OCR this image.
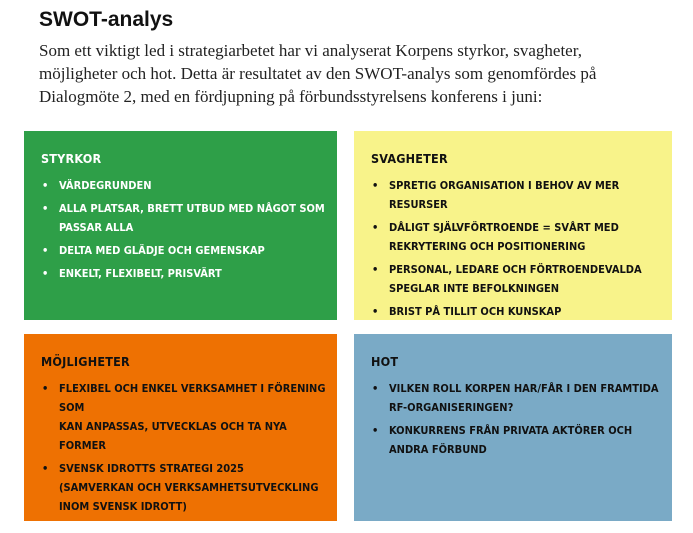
SWOT-analys

Som ett viktigt led i strategiarbetet har vi analyserat Korpens styrkor, svagheter,
möjligheter och hot. Detta är resultatet av den SWOT-analys som genomfördes på
Dialogmöte 2, med en fördjupning på förbundsstyrelsens konferens i juni:

STYRKOR
• VÄRDEGRUNDEN
• ALLA PLATSAR, BRETT UTBUD MED NÅGOT SOM
PASSAR ALLA
• DELTA MED GLÄDJE OCH GEMENSKAP
• ENKELT, FLEXIBELT, PRISVÄRT
SVAGHETER
• SPRETIG ORGANISATION I BEHOV AV MER RESURSER
• DÅLIGT SJÄLVFÖRTROENDE = SVÅRT MED
REKRYTERING OCH POSITIONERING
• PERSONAL, LEDARE OCH FÖRTROENDEVALDA
SPEGLAR INTE BEFOLKNINGEN
• BRIST PÅ TILLIT OCH KUNSKAP
MÖJLIGHETER
• FLEXIBEL OCH ENKEL VERKSAMHET I FÖRENING SOM
KAN ANPASSAS, UTVECKLAS OCH TA NYA FORMER
• SVENSK IDROTTS STRATEGI 2025
(SAMVERKAN OCH VERKSAMHETSUTVECKLING
INOM SVENSK IDROTT)
HOT
• VILKEN ROLL KORPEN HAR/FÅR I DEN FRAMTIDA
RF-ORGANISERINGEN?
• KONKURRENS FRÅN PRIVATA AKTÖRER OCH
ANDRA FÖRBUND
